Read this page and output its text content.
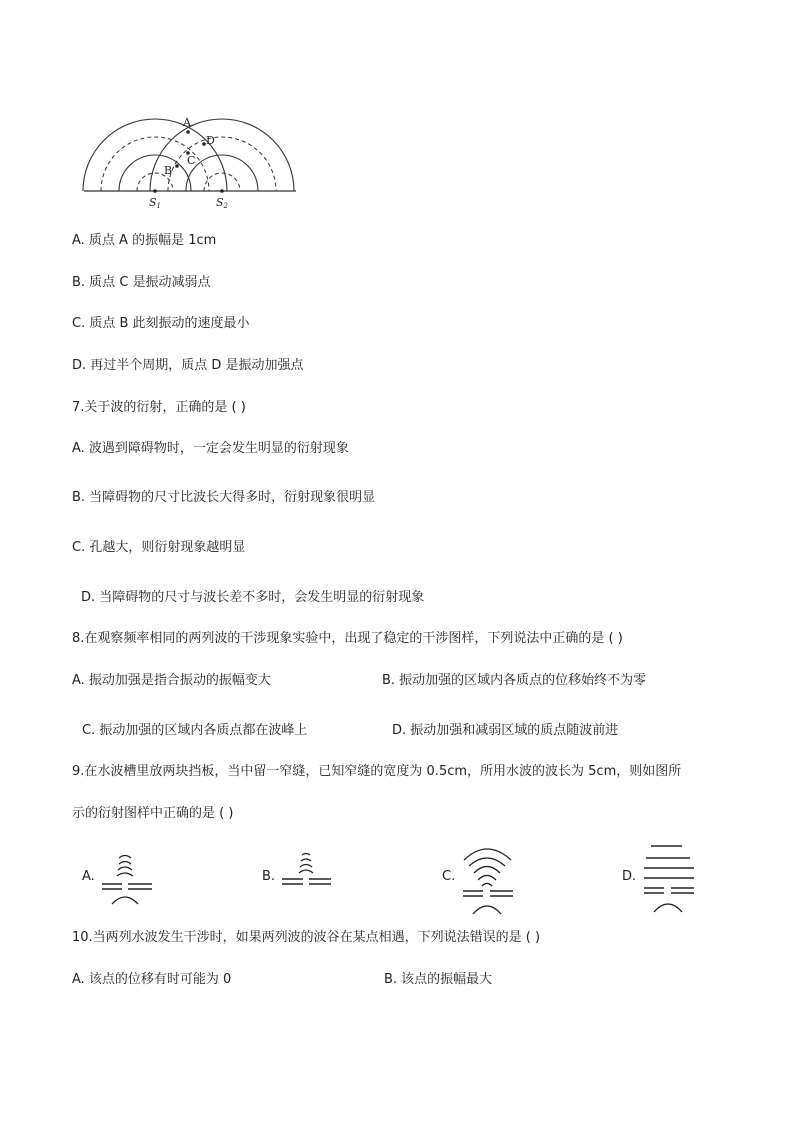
A
D
C
B
S1	S2
A. 质点 A 的振幅是 1cm
B. 质点 C 是振动减弱点
C. 质点 B 此刻振动的速度最小
D. 再过半个周期，质点 D 是振动加强点
7.关于波的衍射，正确的是 ( )
A. 波遇到障碍物时，一定会发生明显的衍射现象
B. 当障碍物的尺寸比波长大得多时，衍射现象很明显
C. 孔越大，则衍射现象越明显
D. 当障碍物的尺寸与波长差不多时，会发生明显的衍射现象
8.在观察频率相同的两列波的干涉现象实验中，出现了稳定的干涉图样，下列说法中正确的是 ( )
A. 振动加强是指合振动的振幅变大	B. 振动加强的区域内各质点的位移始终不为零
C. 振动加强的区域内各质点都在波峰上	D. 振动加强和减弱区域的质点随波前进
9.在水波槽里放两块挡板，当中留一窄缝，已知窄缝的宽度为 0.5cm，所用水波的波长为 5cm，则如图所
示的衍射图样中正确的是 ( )
A.	B.	C.	D.
10.当两列水波发生干涉时，如果两列波的波谷在某点相遇，下列说法错误的是 ( )
A. 该点的位移有时可能为 0	B. 该点的振幅最大
